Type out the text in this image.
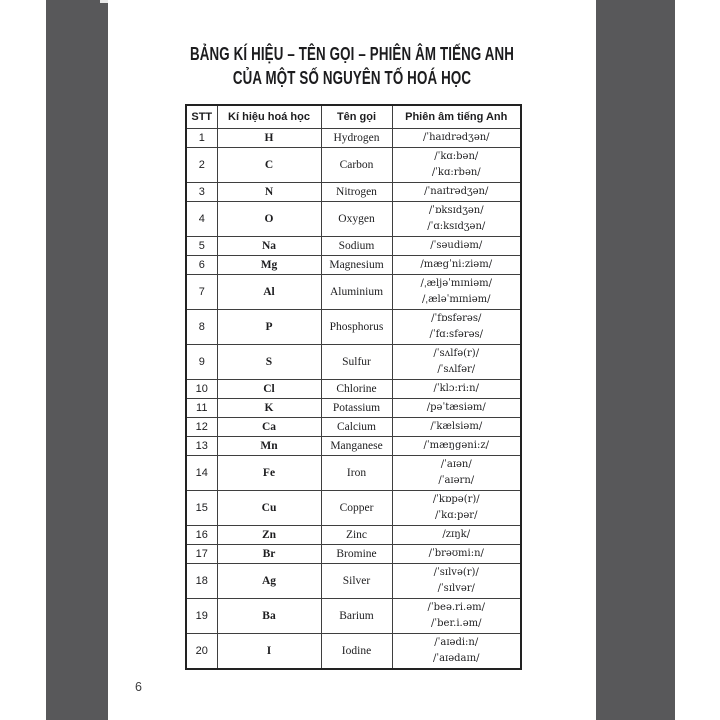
BẢNG KÍ HIỆU – TÊN GỌI – PHIÊN ÂM TIẾNG ANH
CỦA MỘT SỐ NGUYÊN TỐ HOÁ HỌC
STT	Kí hiệu hoá học	Tên gọi	Phiên âm tiếng Anh
1	H	Hydrogen	/ˈhaɪdrədʒən/

2	C	Carbon	/ˈkɑ:bən/
/ˈkɑ:rbən/

3	N	Nitrogen	/ˈnaɪtrədʒən/

4	O	Oxygen	/ˈɒksɪdʒən/
/ˈɑ:ksɪdʒən/

5	Na	Sodium	/ˈsəudiəm/

6	Mg	Magnesium	/mægˈni:ziəm/

7	Al	Aluminium	/ˌæljəˈmɪniəm/
/ˌæləˈmɪniəm/

8	P	Phosphorus	/ˈfɒsfərəs/
/ˈfɑ:sfərəs/

9	S	Sulfur	/ˈsʌlfə(r)/
/ˈsʌlfər/

10	Cl	Chlorine	/ˈklɔ:ri:n/

11	K	Potassium	/pəˈtæsiəm/

12	Ca	Calcium	/ˈkælsiəm/

13	Mn	Manganese	/ˈmæŋgəni:z/

14	Fe	Iron	/ˈaɪən/
/ˈaɪərn/

15	Cu	Copper	/ˈkɒpə(r)/
/ˈkɑ:pər/

16	Zn	Zinc	/zɪŋk/

17	Br	Bromine	/ˈbrəʊmi:n/

18	Ag	Silver	/ˈsɪlvə(r)/
/ˈsɪlvər/

19	Ba	Barium	/ˈbeə.ri.əm/
/ˈber.i.əm/

20	I	Iodine	/ˈaɪədi:n/
/ˈaɪədaɪn/
6
